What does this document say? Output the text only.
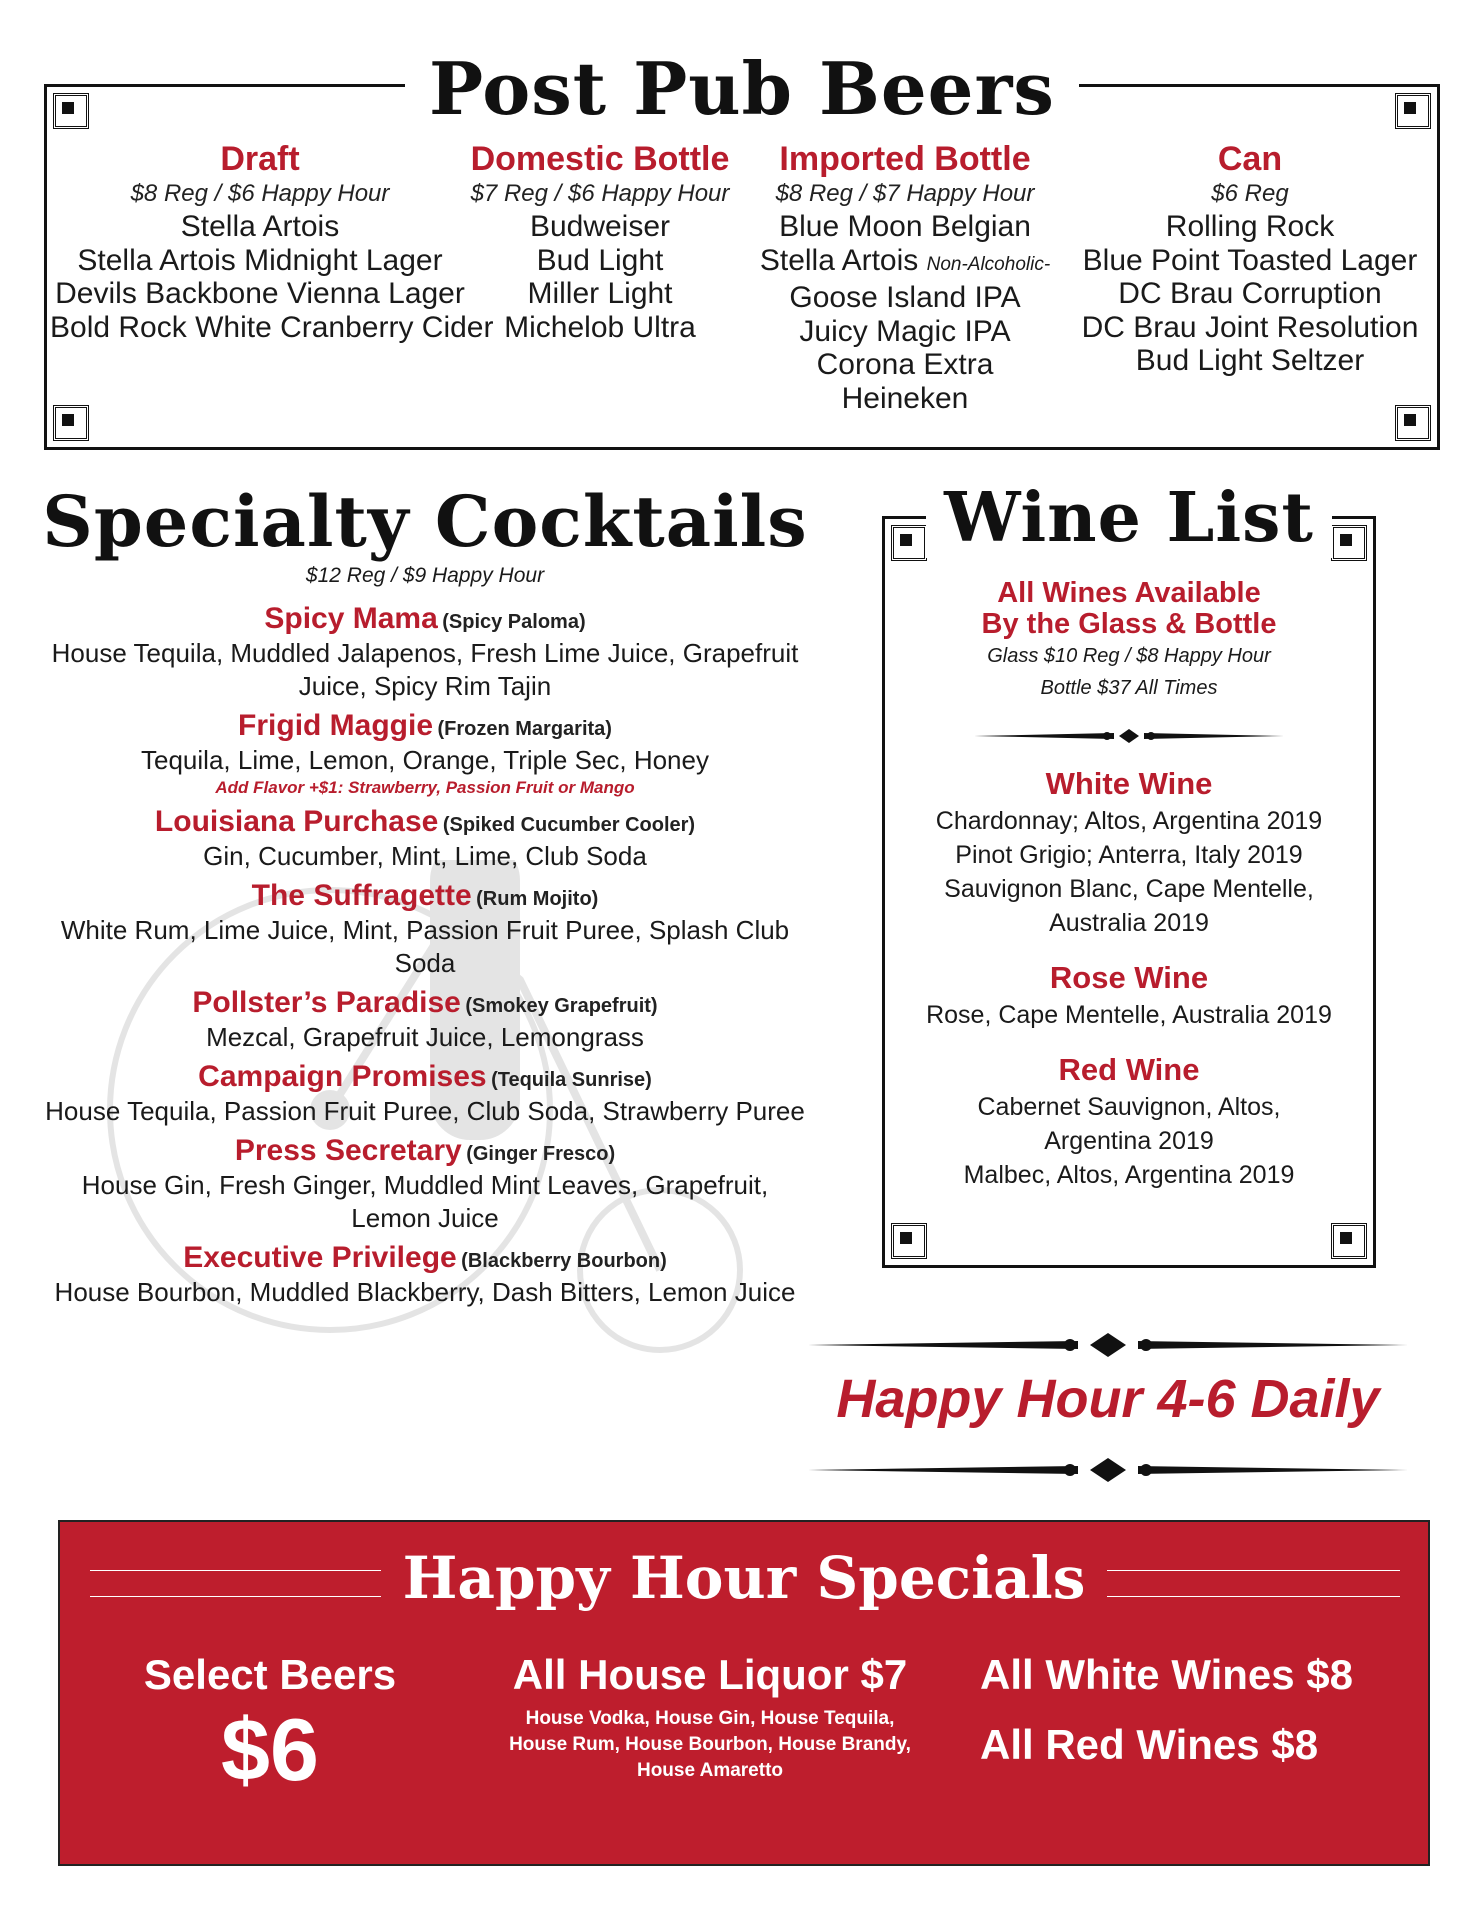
Post Pub Beers
Draft
$8 Reg / $6 Happy Hour
Stella Artois
Stella Artois Midnight Lager
Devils Backbone Vienna Lager
Bold Rock White Cranberry Cider
Domestic Bottle
$7 Reg / $6 Happy Hour
Budweiser
Bud Light
Miller Light
Michelob Ultra
Imported Bottle
$8 Reg / $7 Happy Hour
Blue Moon Belgian
Stella Artois Non-Alcoholic-
Goose Island IPA
Juicy Magic IPA
Corona Extra
Heineken
Can
$6 Reg
Rolling Rock
Blue Point Toasted Lager
DC Brau Corruption
DC Brau Joint Resolution
Bud Light Seltzer
Specialty Cocktails
$12 Reg / $9 Happy Hour
Spicy Mama (Spicy Paloma)
House Tequila, Muddled Jalapenos, Fresh Lime Juice, Grapefruit Juice, Spicy Rim Tajin
Frigid Maggie (Frozen Margarita)
Tequila, Lime, Lemon, Orange, Triple Sec, Honey
Add Flavor +$1: Strawberry, Passion Fruit or Mango
Louisiana Purchase (Spiked Cucumber Cooler)
Gin, Cucumber, Mint, Lime, Club Soda
The Suffragette (Rum Mojito)
White Rum, Lime Juice, Mint, Passion Fruit Puree, Splash Club Soda
Pollster’s Paradise (Smokey Grapefruit)
Mezcal, Grapefruit Juice, Lemongrass
Campaign Promises (Tequila Sunrise)
House Tequila, Passion Fruit Puree, Club Soda, Strawberry Puree
Press Secretary (Ginger Fresco)
House Gin, Fresh Ginger, Muddled Mint Leaves, Grapefruit, Lemon Juice
Executive Privilege (Blackberry Bourbon)
House Bourbon, Muddled Blackberry, Dash Bitters, Lemon Juice
Wine List
All Wines Available
By the Glass & Bottle
Glass $10 Reg / $8 Happy Hour
Bottle $37 All Times
White Wine
Chardonnay; Altos, Argentina 2019
Pinot Grigio; Anterra, Italy 2019
Sauvignon Blanc, Cape Mentelle,
Australia 2019
Rose Wine
Rose, Cape Mentelle, Australia 2019
Red Wine
Cabernet Sauvignon, Altos,
Argentina 2019
Malbec, Altos, Argentina 2019
Happy Hour 4-6 Daily
Happy Hour Specials
Select Beers
$6
All House Liquor $7
House Vodka, House Gin, House Tequila,
House Rum, House Bourbon, House Brandy,
House Amaretto
All White Wines $8
All Red Wines $8
